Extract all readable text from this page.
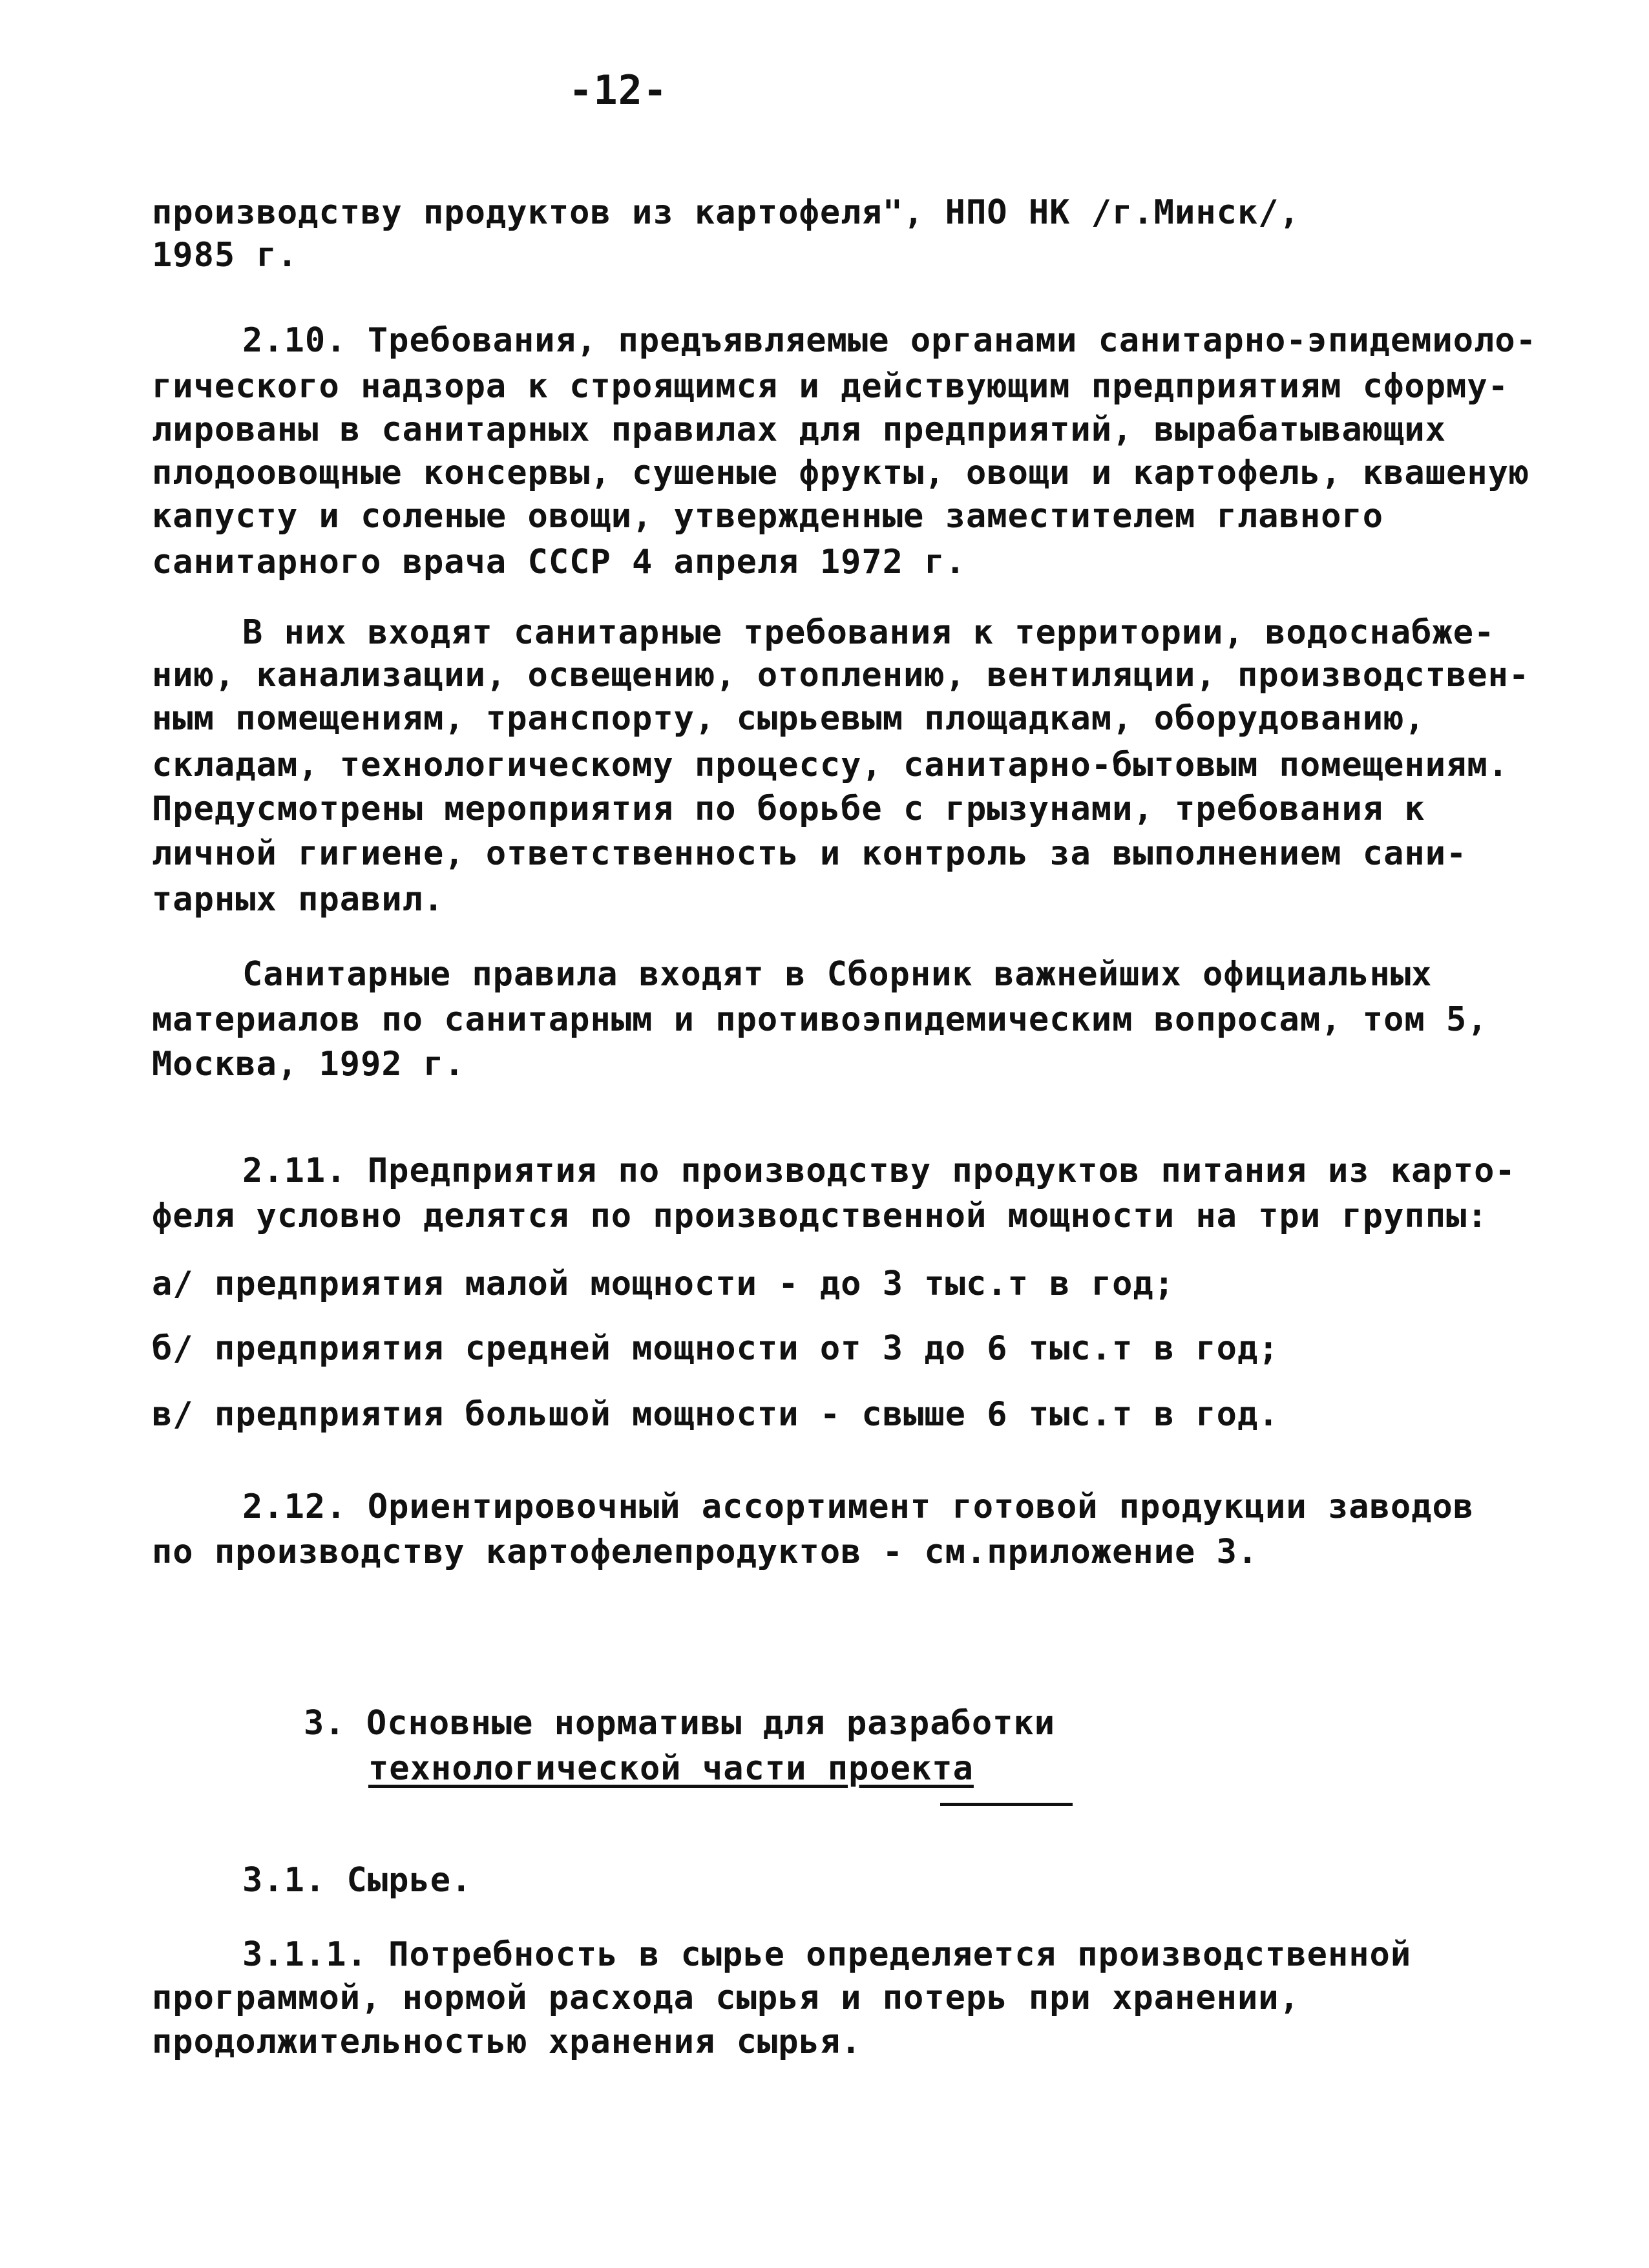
-12-
производству продуктов из картофеля", НПО НК /г.Минск/,
1985 г.
2.10. Требования, предъявляемые органами санитарно-эпидемиоло-
гического надзора к строящимся и действующим предприятиям сформу-
лированы в санитарных правилах для предприятий, вырабатывающих
плодоовощные консервы, сушеные фрукты, овощи и картофель, квашеную
капусту и соленые овощи, утвержденные заместителем главного
санитарного врача СССР 4 апреля 1972 г.
В них входят санитарные требования к территории, водоснабже-
нию, канализации, освещению, отоплению, вентиляции, производствен-
ным помещениям, транспорту, сырьевым площадкам, оборудованию,
складам, технологическому процессу, санитарно-бытовым помещениям.
Предусмотрены мероприятия по борьбе с грызунами, требования к
личной гигиене, ответственность и контроль за выполнением сани-
тарных правил.
Санитарные правила входят в Сборник важнейших официальных
материалов по санитарным и противоэпидемическим вопросам, том 5,
Москва, 1992 г.
2.11. Предприятия по производству продуктов питания из карто-
феля условно делятся по производственной мощности на три группы:
а/ предприятия малой мощности - до 3 тыс.т в год;
б/ предприятия средней мощности от 3 до 6 тыс.т в год;
в/ предприятия большой мощности - свыше 6 тыс.т в год.
2.12. Ориентировочный ассортимент готовой продукции заводов
по производству картофелепродуктов - см.приложение 3.
3. Основные нормативы для разработки
технологической части проекта
3.1. Сырье.
3.1.1. Потребность в сырье определяется производственной
программой, нормой расхода сырья и потерь при хранении,
продолжительностью хранения сырья.
